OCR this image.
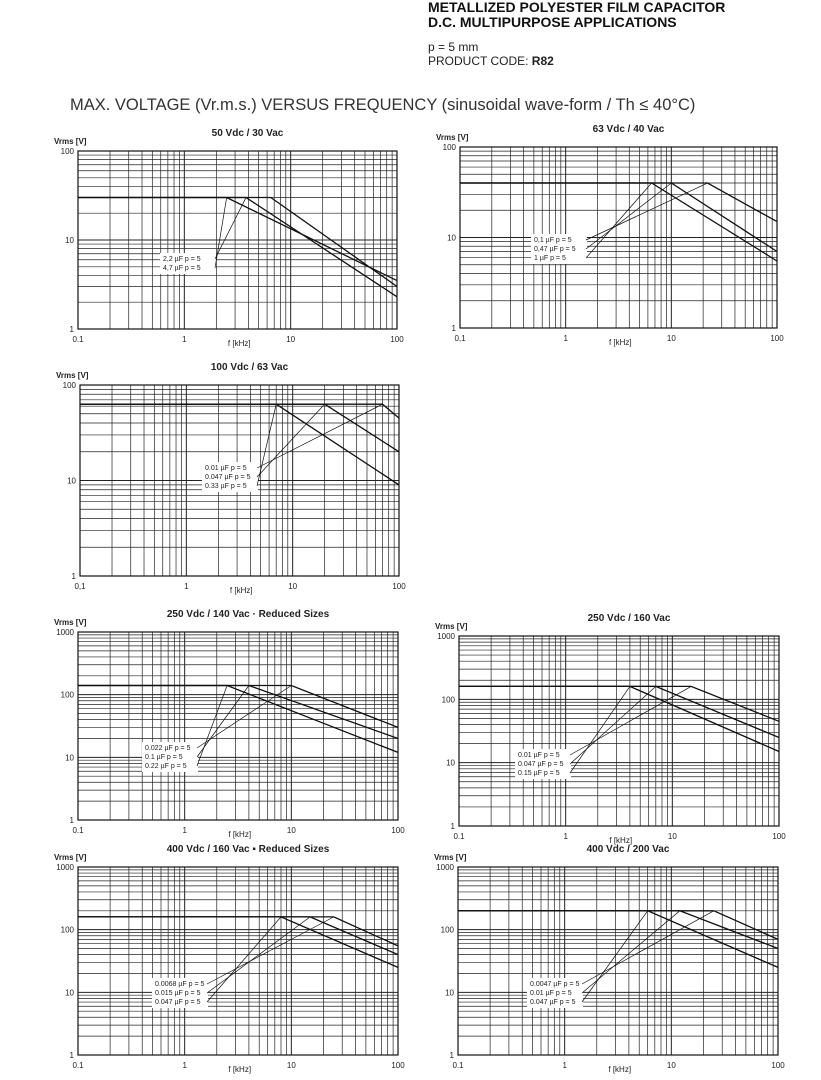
METALLIZED POLYESTER FILM CAPACITOR
D.C. MULTIPURPOSE APPLICATIONS
p = 5 mm
PRODUCT CODE: R82
MAX. VOLTAGE (Vr.m.s.) VERSUS FREQUENCY (sinusoidal wave-form / Th ≤ 40°C)
2,2 µF p = 5
4,7 µF p = 5
50 Vdc / 30 Vac
Vrms [V]
f [kHz]
0.1	1	10	100
1
10
100
0,1 µF p = 5
0,47 µF p = 5
1 µF p = 5
63 Vdc / 40 Vac
Vrms [V]
f [kHz]
0,1	1	10	100
1
10
100
0.01 µF p = 5
0.047 µF p = 5
0.33 µF p = 5
100 Vdc / 63 Vac
Vrms [V]
f [kHz]
0,1	1	10	100
1
10
100
0.022 µF p = 5
0.1 µF p = 5
0.22 µF p = 5
250 Vdc / 140 Vac · Reduced Sizes
Vrms [V]
f [kHz]
0.1	1	10	100
1
10
100
1000
0.01 µF p = 5
0.047 µF p = 5
0.15 µF p = 5
250 Vdc / 160 Vac
Vrms [V]
f [kHz]
0.1	1	10	100
1
10
100
1000
0.0068 µF p = 5
0.015 µF p = 5
0.047 µF p = 5
400 Vdc / 160 Vac ▪ Reduced Sizes
Vrms [V]
f [kHz]
0.1	1	10	100
1
10
100
1000
0.0047 µF p = 5
0.01 µF p = 5
0.047 µF p = 5
400 Vdc / 200 Vac
Vrms [V]
f [kHz]
0.1	1	10	100
1
10
100
1000
